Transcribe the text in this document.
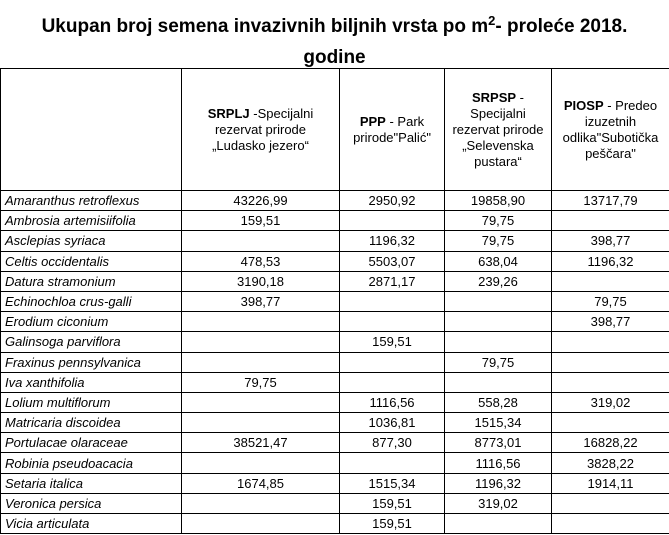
Ukupan broj semena invazivnih biljnih vrsta po $m^2-$ proleće 2018.
godine
	SRPLJ -Specijalni rezervat prirode „Ludasko jezero“	PPP - Park prirode"Palić"	SRPSP - Specijalni rezervat prirode „Selevenska pustara“	PIOSP - Predeo izuzetnih odlika"Subotička peščara"
Amaranthus retroflexus	43226,99	2950,92	19858,90	13717,79
Ambrosia artemisiifolia	159,51		79,75	
Asclepias syriaca		1196,32	79,75	398,77
Celtis occidentalis	478,53	5503,07	638,04	1196,32
Datura stramonium	3190,18	2871,17	239,26	
Echinochloa crus-galli	398,77			79,75
Erodium ciconium				398,77
Galinsoga parviflora		159,51		
Fraxinus pennsylvanica			79,75	
Iva xanthifolia	79,75			
Lolium multiflorum		1116,56	558,28	319,02
Matricaria discoidea		1036,81	1515,34	
Portulacae olaraceae	38521,47	877,30	8773,01	16828,22
Robinia pseudoacacia			1116,56	3828,22
Setaria italica	1674,85	1515,34	1196,32	1914,11
Veronica persica		159,51	319,02	
Vicia articulata		159,51		
